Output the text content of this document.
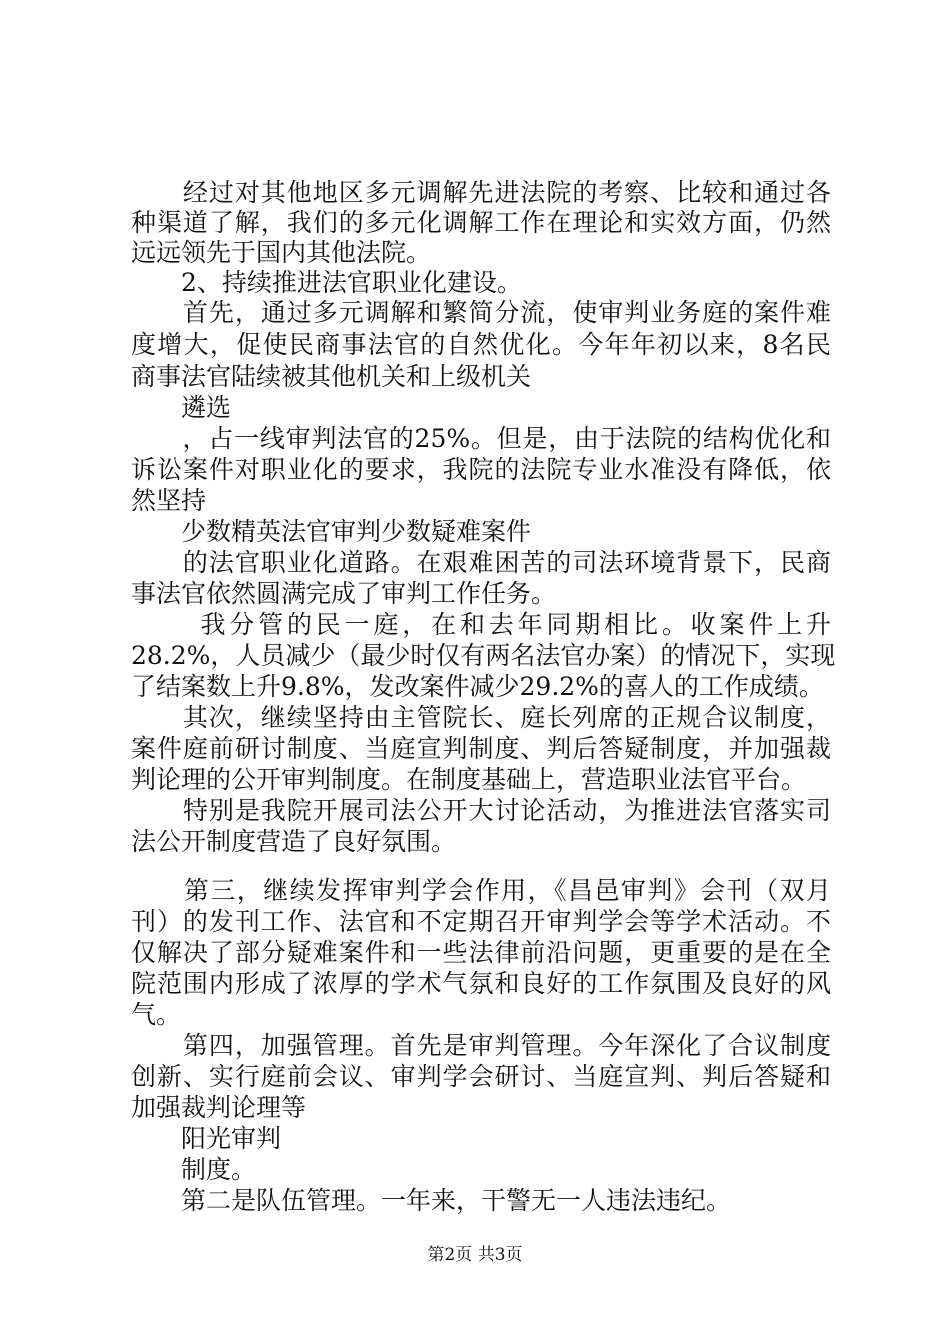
　　经过对其他地区多元调解先进法院的考察、比较和通过各
种渠道了解，我们的多元化调解工作在理论和实效方面，仍然
远远领先于国内其他法院。
　　2、持续推进法官职业化建设。
　　首先，通过多元调解和繁简分流，使审判业务庭的案件难
度增大，促使民商事法官的自然优化。今年年初以来，8名民
商事法官陆续被其他机关和上级机关
　　遴选
　　，占一线审判法官的25%。但是，由于法院的结构优化和
诉讼案件对职业化的要求，我院的法院专业水准没有降低，依
然坚持
　　少数精英法官审判少数疑难案件
　　的法官职业化道路。在艰难困苦的司法环境背景下，民商
事法官依然圆满完成了审判工作任务。
　　 我分管的民一庭，在和去年同期相比。收案件上升
28.2%，人员减少（最少时仅有两名法官办案）的情况下，实现
了结案数上升9.8%，发改案件减少29.2%的喜人的工作成绩。
　　其次，继续坚持由主管院长、庭长列席的正规合议制度，
案件庭前研讨制度、当庭宣判制度、判后答疑制度，并加强裁
判论理的公开审判制度。在制度基础上，营造职业法官平台。
　　特别是我院开展司法公开大讨论活动，为推进法官落实司
法公开制度营造了良好氛围。
　　第三，继续发挥审判学会作用，《昌邑审判》会刊（双月
刊）的发刊工作、法官和不定期召开审判学会等学术活动。不
仅解决了部分疑难案件和一些法律前沿问题，更重要的是在全
院范围内形成了浓厚的学术气氛和良好的工作氛围及良好的风
气。
　　第四，加强管理。首先是审判管理。今年深化了合议制度
创新、实行庭前会议、审判学会研讨、当庭宣判、判后答疑和
加强裁判论理等
　　阳光审判
　　制度。
　　第二是队伍管理。一年来，干警无一人违法违纪。
第2页 共3页
